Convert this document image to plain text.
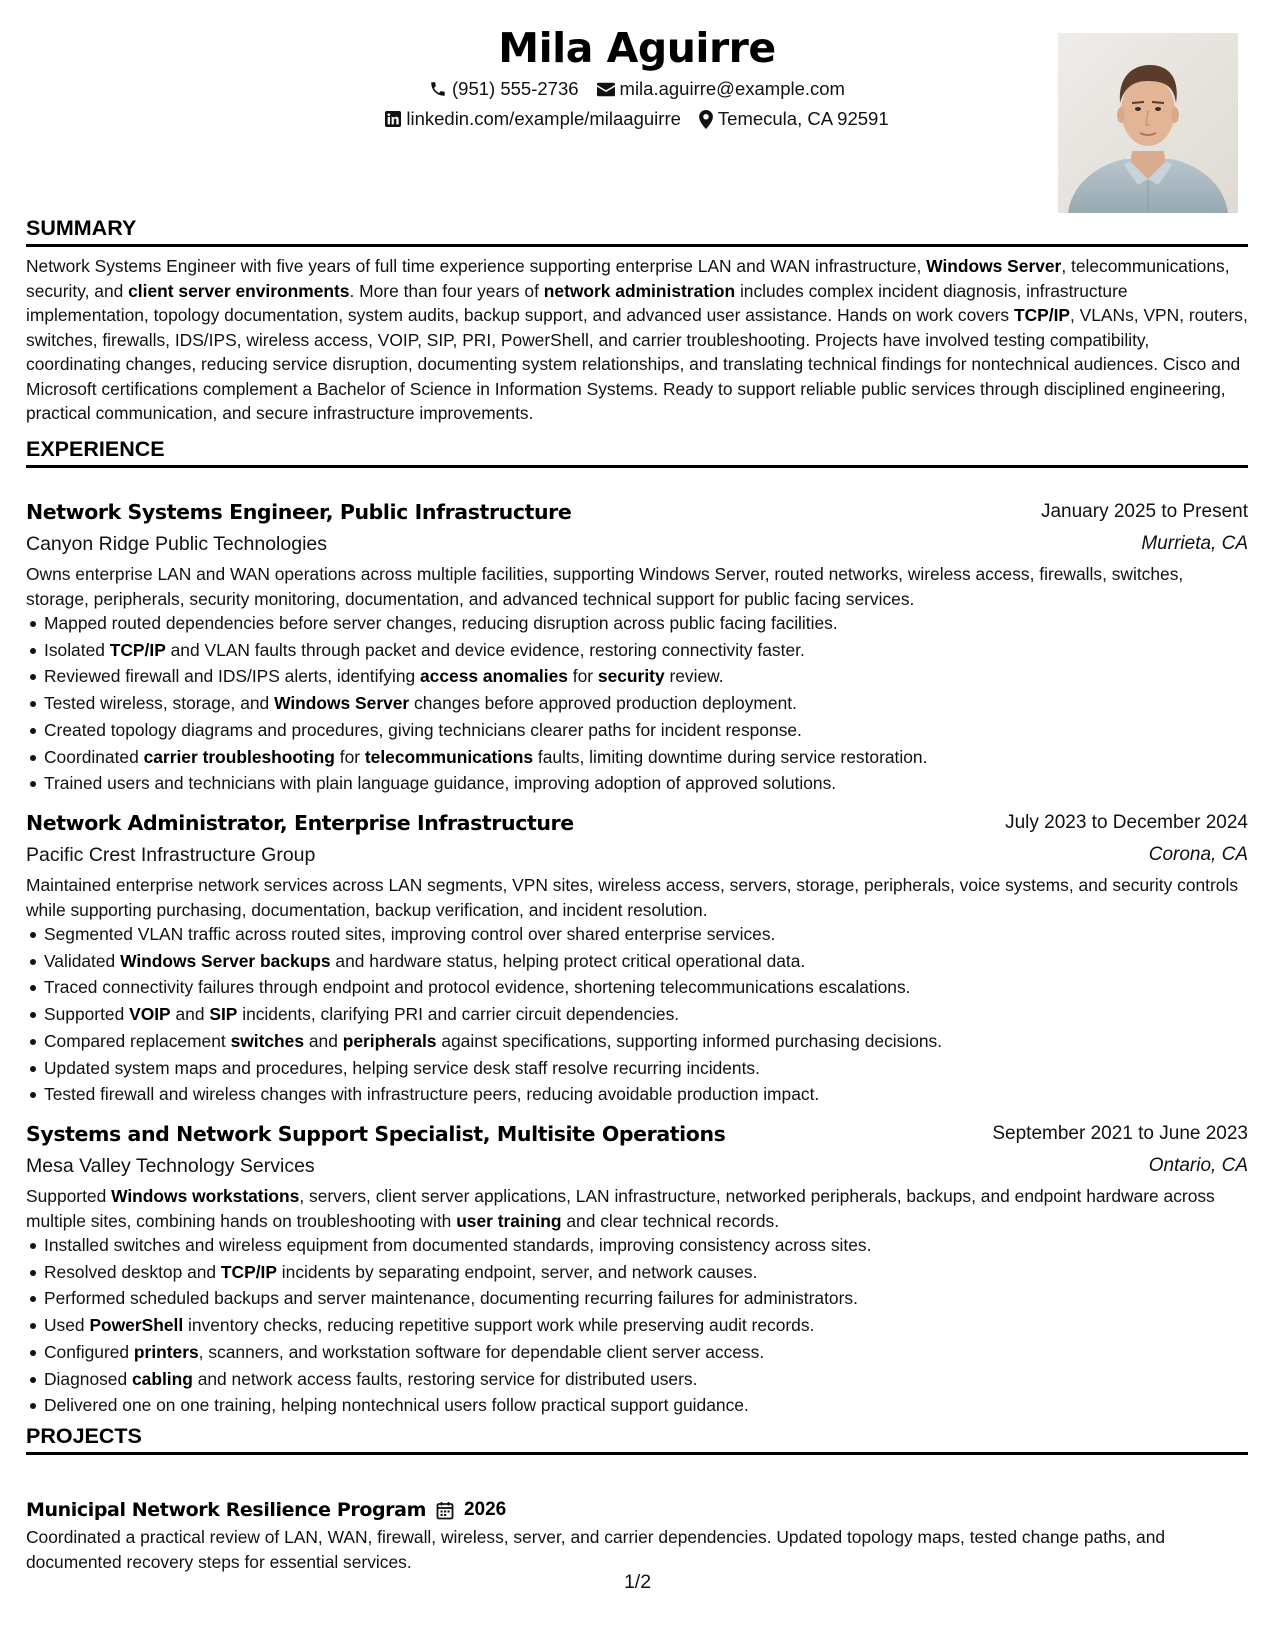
Mila Aguirre
(951) 555-2736 mila.aguirre@example.com
linkedin.com/example/milaaguirre Temecula, CA 92591
SUMMARY
Network Systems Engineer with five years of full time experience supporting enterprise LAN and WAN infrastructure, Windows Server, telecommunications, security, and client server environments. More than four years of network administration includes complex incident diagnosis, infrastructure implementation, topology documentation, system audits, backup support, and advanced user assistance. Hands on work covers TCP/IP, VLANs, VPN, routers, switches, firewalls, IDS/IPS, wireless access, VOIP, SIP, PRI, PowerShell, and carrier troubleshooting. Projects have involved testing compatibility, coordinating changes, reducing service disruption, documenting system relationships, and translating technical findings for nontechnical audiences. Cisco and Microsoft certifications complement a Bachelor of Science in Information Systems. Ready to support reliable public services through disciplined engineering, practical communication, and secure infrastructure improvements.
EXPERIENCE
Network Systems Engineer, Public Infrastructure	January 2025 to Present
Canyon Ridge Public Technologies	Murrieta, CA
Owns enterprise LAN and WAN operations across multiple facilities, supporting Windows Server, routed networks, wireless access, firewalls, switches, storage, peripherals, security monitoring, documentation, and advanced technical support for public facing services.
Mapped routed dependencies before server changes, reducing disruption across public facing facilities.
Isolated TCP/IP and VLAN faults through packet and device evidence, restoring connectivity faster.
Reviewed firewall and IDS/IPS alerts, identifying access anomalies for security review.
Tested wireless, storage, and Windows Server changes before approved production deployment.
Created topology diagrams and procedures, giving technicians clearer paths for incident response.
Coordinated carrier troubleshooting for telecommunications faults, limiting downtime during service restoration.
Trained users and technicians with plain language guidance, improving adoption of approved solutions.
Network Administrator, Enterprise Infrastructure	July 2023 to December 2024
Pacific Crest Infrastructure Group	Corona, CA
Maintained enterprise network services across LAN segments, VPN sites, wireless access, servers, storage, peripherals, voice systems, and security controls while supporting purchasing, documentation, backup verification, and incident resolution.
Segmented VLAN traffic across routed sites, improving control over shared enterprise services.
Validated Windows Server backups and hardware status, helping protect critical operational data.
Traced connectivity failures through endpoint and protocol evidence, shortening telecommunications escalations.
Supported VOIP and SIP incidents, clarifying PRI and carrier circuit dependencies.
Compared replacement switches and peripherals against specifications, supporting informed purchasing decisions.
Updated system maps and procedures, helping service desk staff resolve recurring incidents.
Tested firewall and wireless changes with infrastructure peers, reducing avoidable production impact.
Systems and Network Support Specialist, Multisite Operations	September 2021 to June 2023
Mesa Valley Technology Services	Ontario, CA
Supported Windows workstations, servers, client server applications, LAN infrastructure, networked peripherals, backups, and endpoint hardware across multiple sites, combining hands on troubleshooting with user training and clear technical records.
Installed switches and wireless equipment from documented standards, improving consistency across sites.
Resolved desktop and TCP/IP incidents by separating endpoint, server, and network causes.
Performed scheduled backups and server maintenance, documenting recurring failures for administrators.
Used PowerShell inventory checks, reducing repetitive support work while preserving audit records.
Configured printers, scanners, and workstation software for dependable client server access.
Diagnosed cabling and network access faults, restoring service for distributed users.
Delivered one on one training, helping nontechnical users follow practical support guidance.
PROJECTS
Municipal Network Resilience Program 2026
Coordinated a practical review of LAN, WAN, firewall, wireless, server, and carrier dependencies. Updated topology maps, tested change paths, and documented recovery steps for essential services.
1/2
